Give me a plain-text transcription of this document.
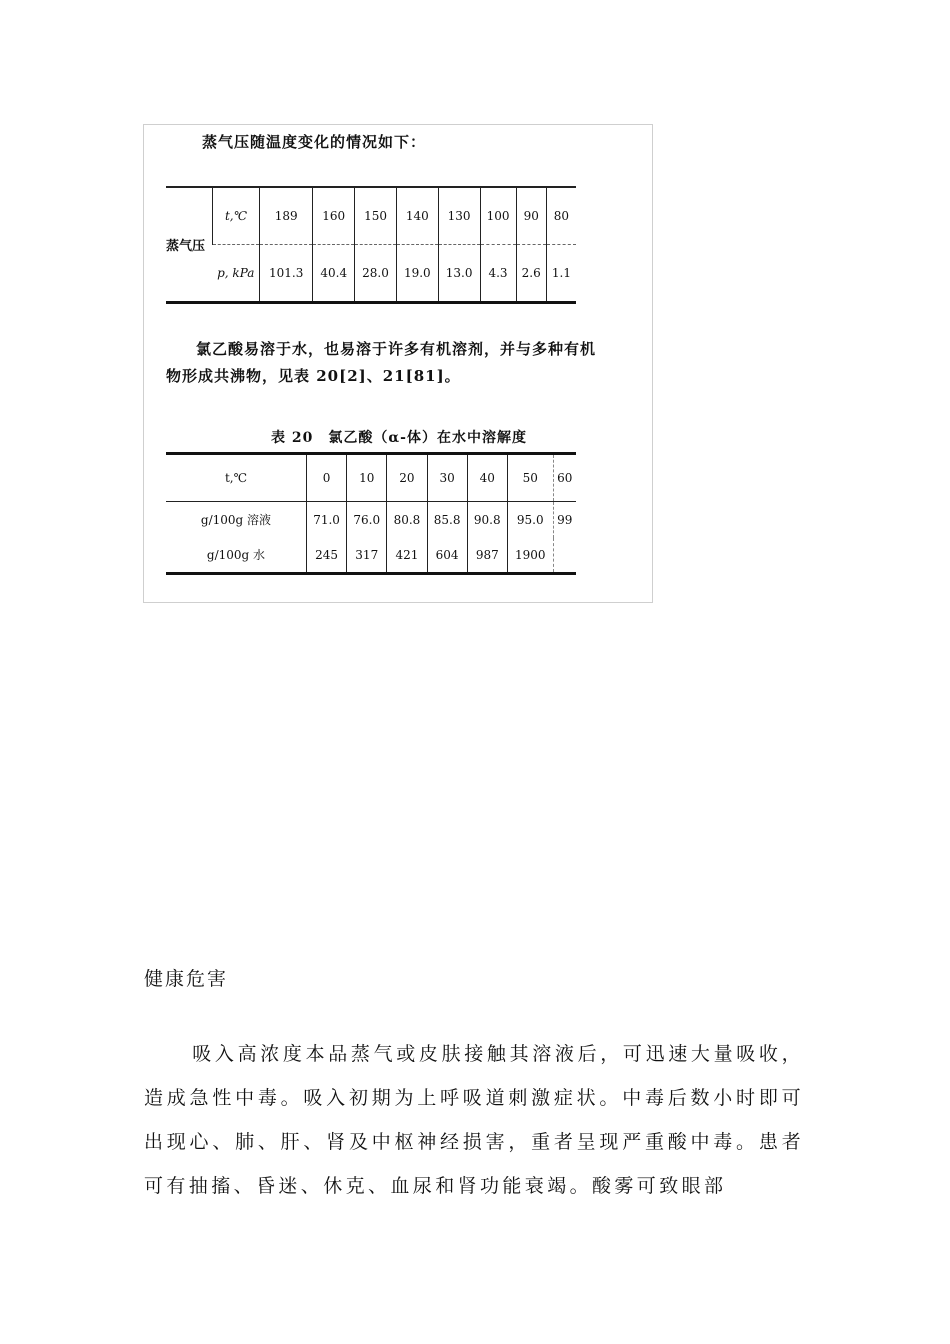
蒸气压随温度变化的情况如下：
蒸气压	t,℃	189	160	150	140	130	100	90	80
	p, kPa	101.3	40.4	28.0	19.0	13.0	4.3	2.6	1.1
氯乙酸易溶于水，也易溶于许多有机溶剂，并与多种有机物形成共沸物，见表 20[2]、21[81]。
表 20　氯乙酸（α-体）在水中溶解度
t,℃	0	10	20	30	40	50	60
g/100g 溶液	71.0	76.0	80.8	85.8	90.8	95.0	99
g/100g 水	245	317	421	604	987	1900	
健康危害
吸入高浓度本品蒸气或皮肤接触其溶液后，可迅速大量吸收，造成急性中毒。吸入初期为上呼吸道刺激症状。中毒后数小时即可出现心、肺、肝、肾及中枢神经损害，重者呈现严重酸中毒。患者可有抽搐、昏迷、休克、血尿和肾功能衰竭。酸雾可致眼部
